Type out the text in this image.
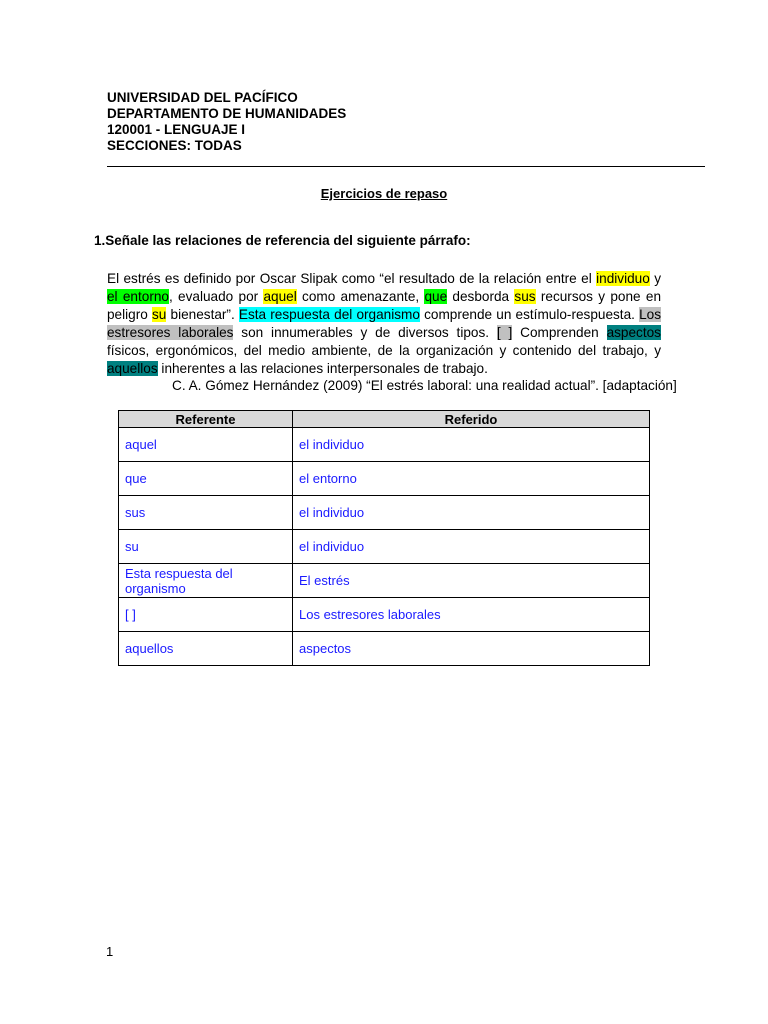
UNIVERSIDAD DEL PACÍFICO
DEPARTAMENTO DE HUMANIDADES
120001 - LENGUAJE I
SECCIONES: TODAS
Ejercicios de repaso
1.Señale las relaciones de referencia del siguiente párrafo:
El estrés es definido por Oscar Slipak como “el resultado de la relación entre el individuo y el entorno, evaluado por aquel como amenazante, que desborda sus recursos y pone en peligro su bienestar”. Esta respuesta del organismo comprende un estímulo-respuesta. Los estresores laborales son innumerables y de diversos tipos. [ ] Comprenden aspectos físicos, ergonómicos, del medio ambiente, de la organización y contenido del trabajo, y aquellos inherentes a las relaciones interpersonales de trabajo.
C. A. Gómez Hernández (2009) “El estrés laboral: una realidad actual”. [adaptación]
Referente	Referido
aquel	el individuo
que	el entorno
sus	el individuo
su	el individuo
Esta respuesta del organismo	El estrés
[ ]	Los estresores laborales
aquellos	aspectos
1
